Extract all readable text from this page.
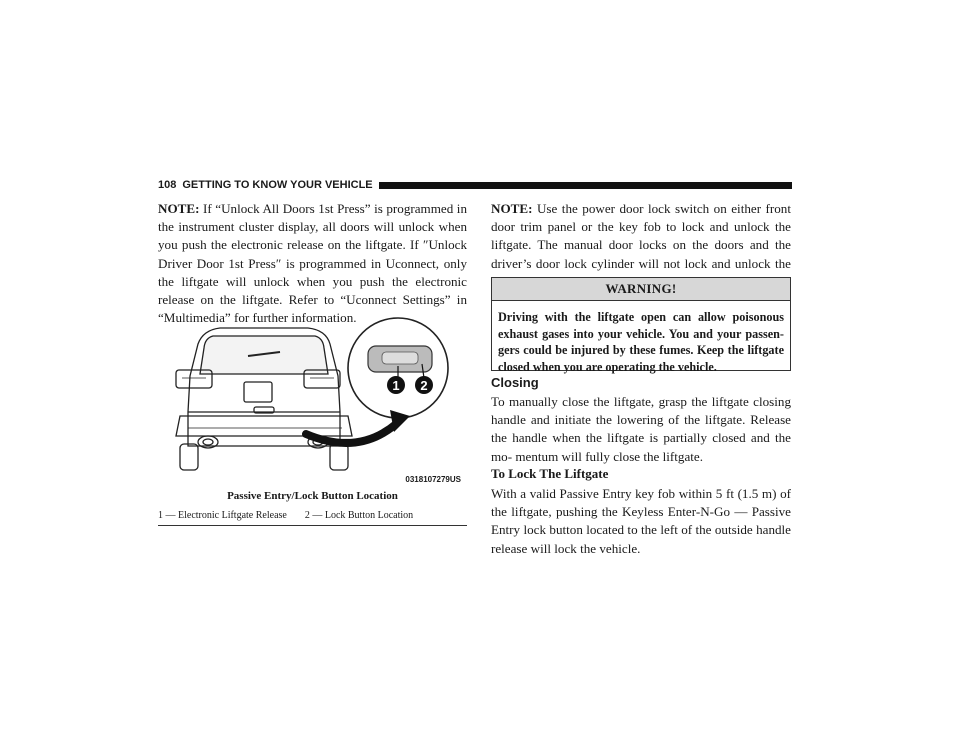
108 GETTING TO KNOW YOUR VEHICLE

NOTE: If “Unlock All Doors 1st Press” is programmed in the instrument cluster display, all doors will unlock when you push the electronic release on the liftgate. If ″Unlock Driver Door 1st Press″ is programmed in Uconnect, only the liftgate will unlock when you push the electronic release on the liftgate. Refer to “Uconnect Settings” in “Multimedia” for further information.

1 2
0318107279US
Passive Entry/Lock Button Location
1 — Electronic Liftgate Release 2 — Lock Button Location

NOTE: Use the power door lock switch on either front door trim panel or the key fob to lock and unlock the liftgate. The manual door locks on the doors and the driver’s door lock cylinder will not lock and unlock the

WARNING!
Driving with the liftgate open can allow poisonous exhaust gases into your vehicle. You and your passen- gers could be injured by these fumes. Keep the liftgate closed when you are operating the vehicle.
Closing
To manually close the liftgate, grasp the liftgate closing handle and initiate the lowering of the liftgate. Release the handle when the liftgate is partially closed and the mo- mentum will fully close the liftgate.
To Lock The Liftgate
With a valid Passive Entry key fob within 5 ft (1.5 m) of the liftgate, pushing the Keyless Enter-N-Go — Passive Entry lock button located to the left of the outside handle release will lock the vehicle.
